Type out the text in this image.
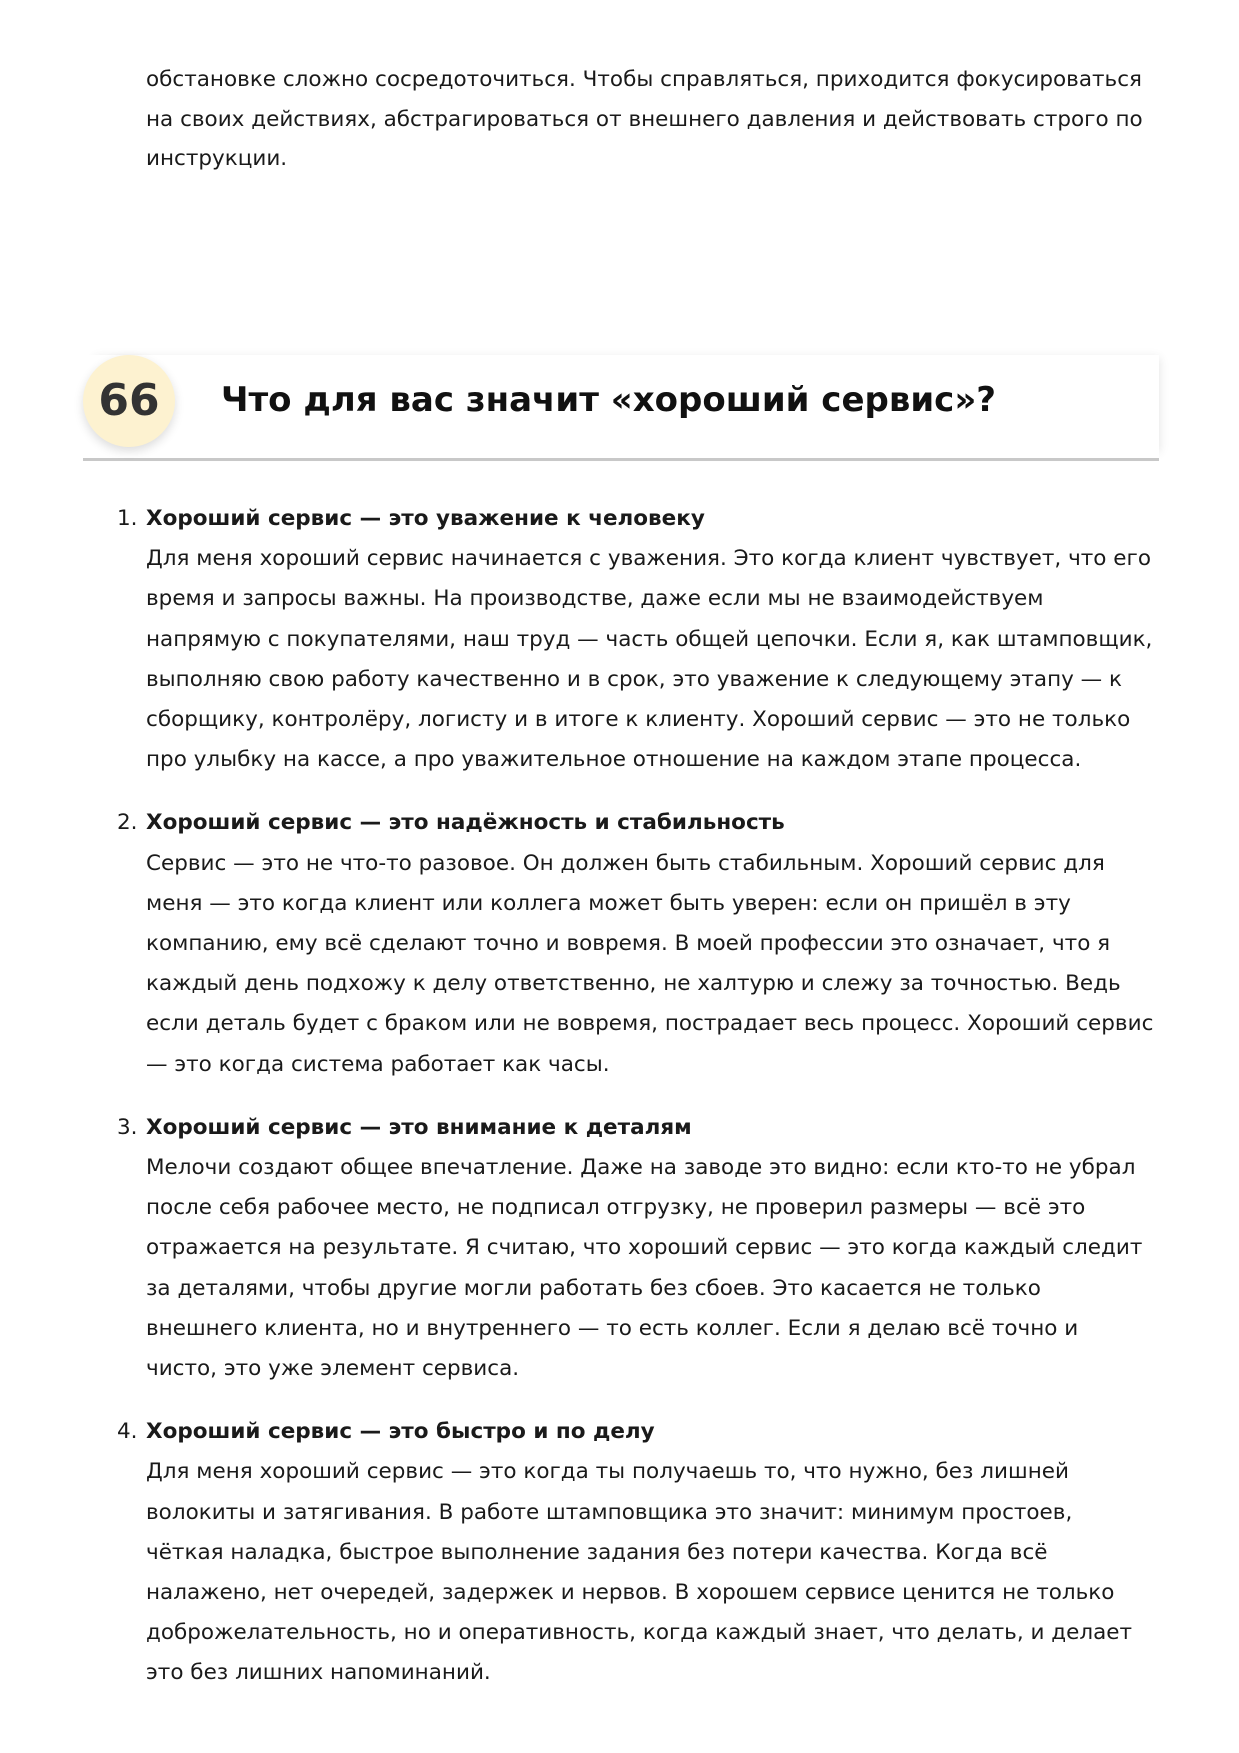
обстановке сложно сосредоточиться. Чтобы справляться, приходится фокусироваться на своих действиях, абстрагироваться от внешнего давления и действовать строго по инструкции.

66	Что для вас значит «хороший сервис»?
1. Хороший сервис — это уважение к человеку
Для меня хороший сервис начинается с уважения. Это когда клиент чувствует, что его время и запросы важны. На производстве, даже если мы не взаимодействуем напрямую с покупателями, наш труд — часть общей цепочки. Если я, как штамповщик, выполняю свою работу качественно и в срок, это уважение к следующему этапу — к сборщику, контролёру, логисту и в итоге к клиенту. Хороший сервис — это не только про улыбку на кассе, а про уважительное отношение на каждом этапе процесса.
2. Хороший сервис — это надёжность и стабильность
Сервис — это не что-то разовое. Он должен быть стабильным. Хороший сервис для меня — это когда клиент или коллега может быть уверен: если он пришёл в эту компанию, ему всё сделают точно и вовремя. В моей профессии это означает, что я каждый день подхожу к делу ответственно, не халтурю и слежу за точностью. Ведь если деталь будет с браком или не вовремя, пострадает весь процесс. Хороший сервис — это когда система работает как часы.
3. Хороший сервис — это внимание к деталям
Мелочи создают общее впечатление. Даже на заводе это видно: если кто-то не убрал после себя рабочее место, не подписал отгрузку, не проверил размеры — всё это отражается на результате. Я считаю, что хороший сервис — это когда каждый следит за деталями, чтобы другие могли работать без сбоев. Это касается не только внешнего клиента, но и внутреннего — то есть коллег. Если я делаю всё точно и чисто, это уже элемент сервиса.
4. Хороший сервис — это быстро и по делу
Для меня хороший сервис — это когда ты получаешь то, что нужно, без лишней волокиты и затягивания. В работе штамповщика это значит: минимум простоев, чёткая наладка, быстрое выполнение задания без потери качества. Когда всё налажено, нет очередей, задержек и нервов. В хорошем сервисе ценится не только доброжелательность, но и оперативность, когда каждый знает, что делать, и делает это без лишних напоминаний.
